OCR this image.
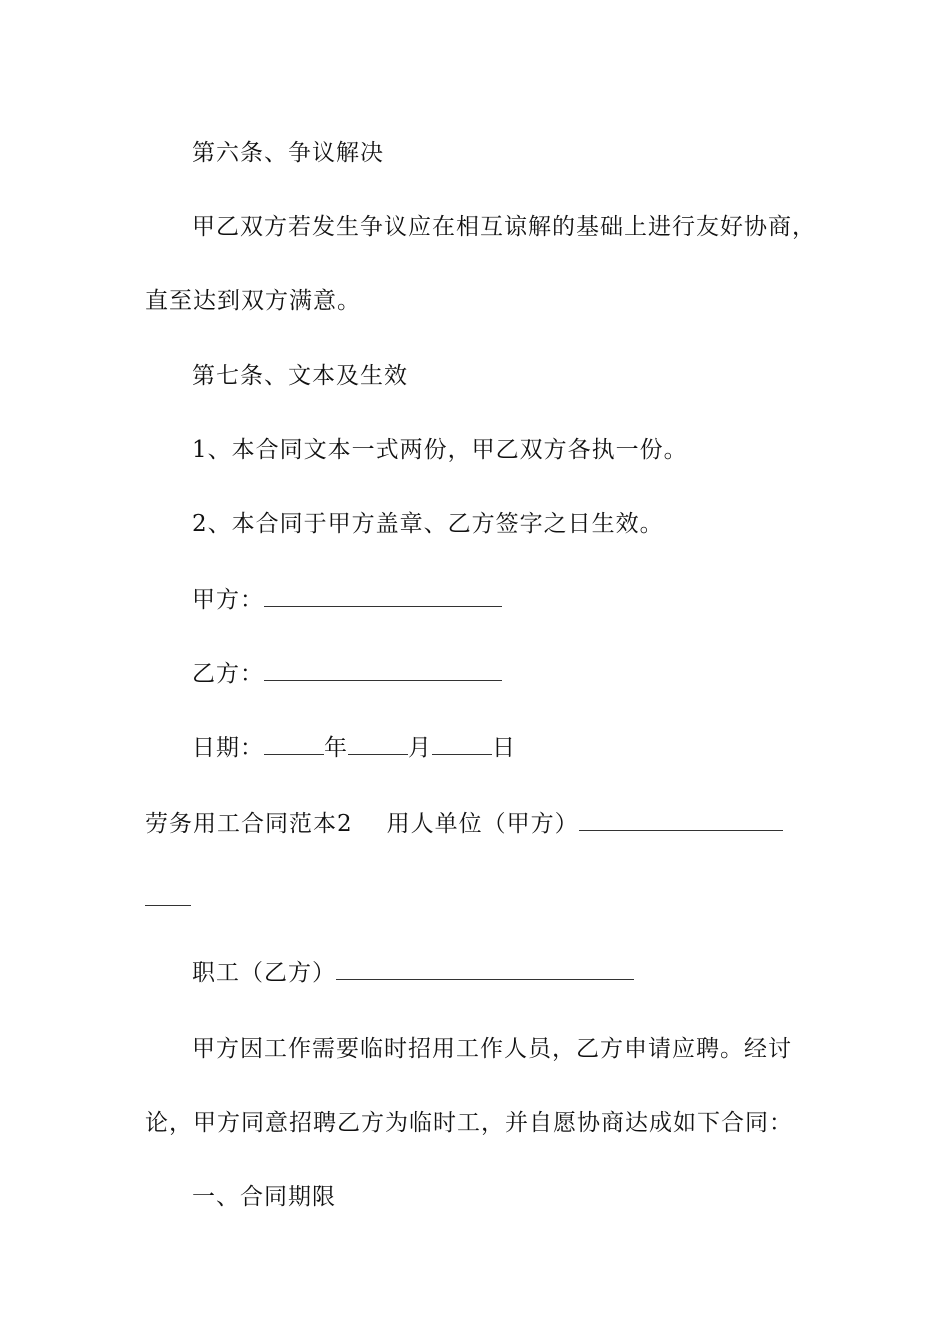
第六条、争议解决
甲乙双方若发生争议应在相互谅解的基础上进行友好协商，
直至达到双方满意。
第七条、文本及生效
1、本合同文本一式两份，甲乙双方各执一份。
2、本合同于甲方盖章、乙方签字之日生效。
甲方：
乙方：
日期：	年	月	日
劳务用工合同范本2 用人单位（甲方）
职工（乙方）
甲方因工作需要临时招用工作人员，乙方申请应聘。经讨
论，甲方同意招聘乙方为临时工，并自愿协商达成如下合同：
一、合同期限
